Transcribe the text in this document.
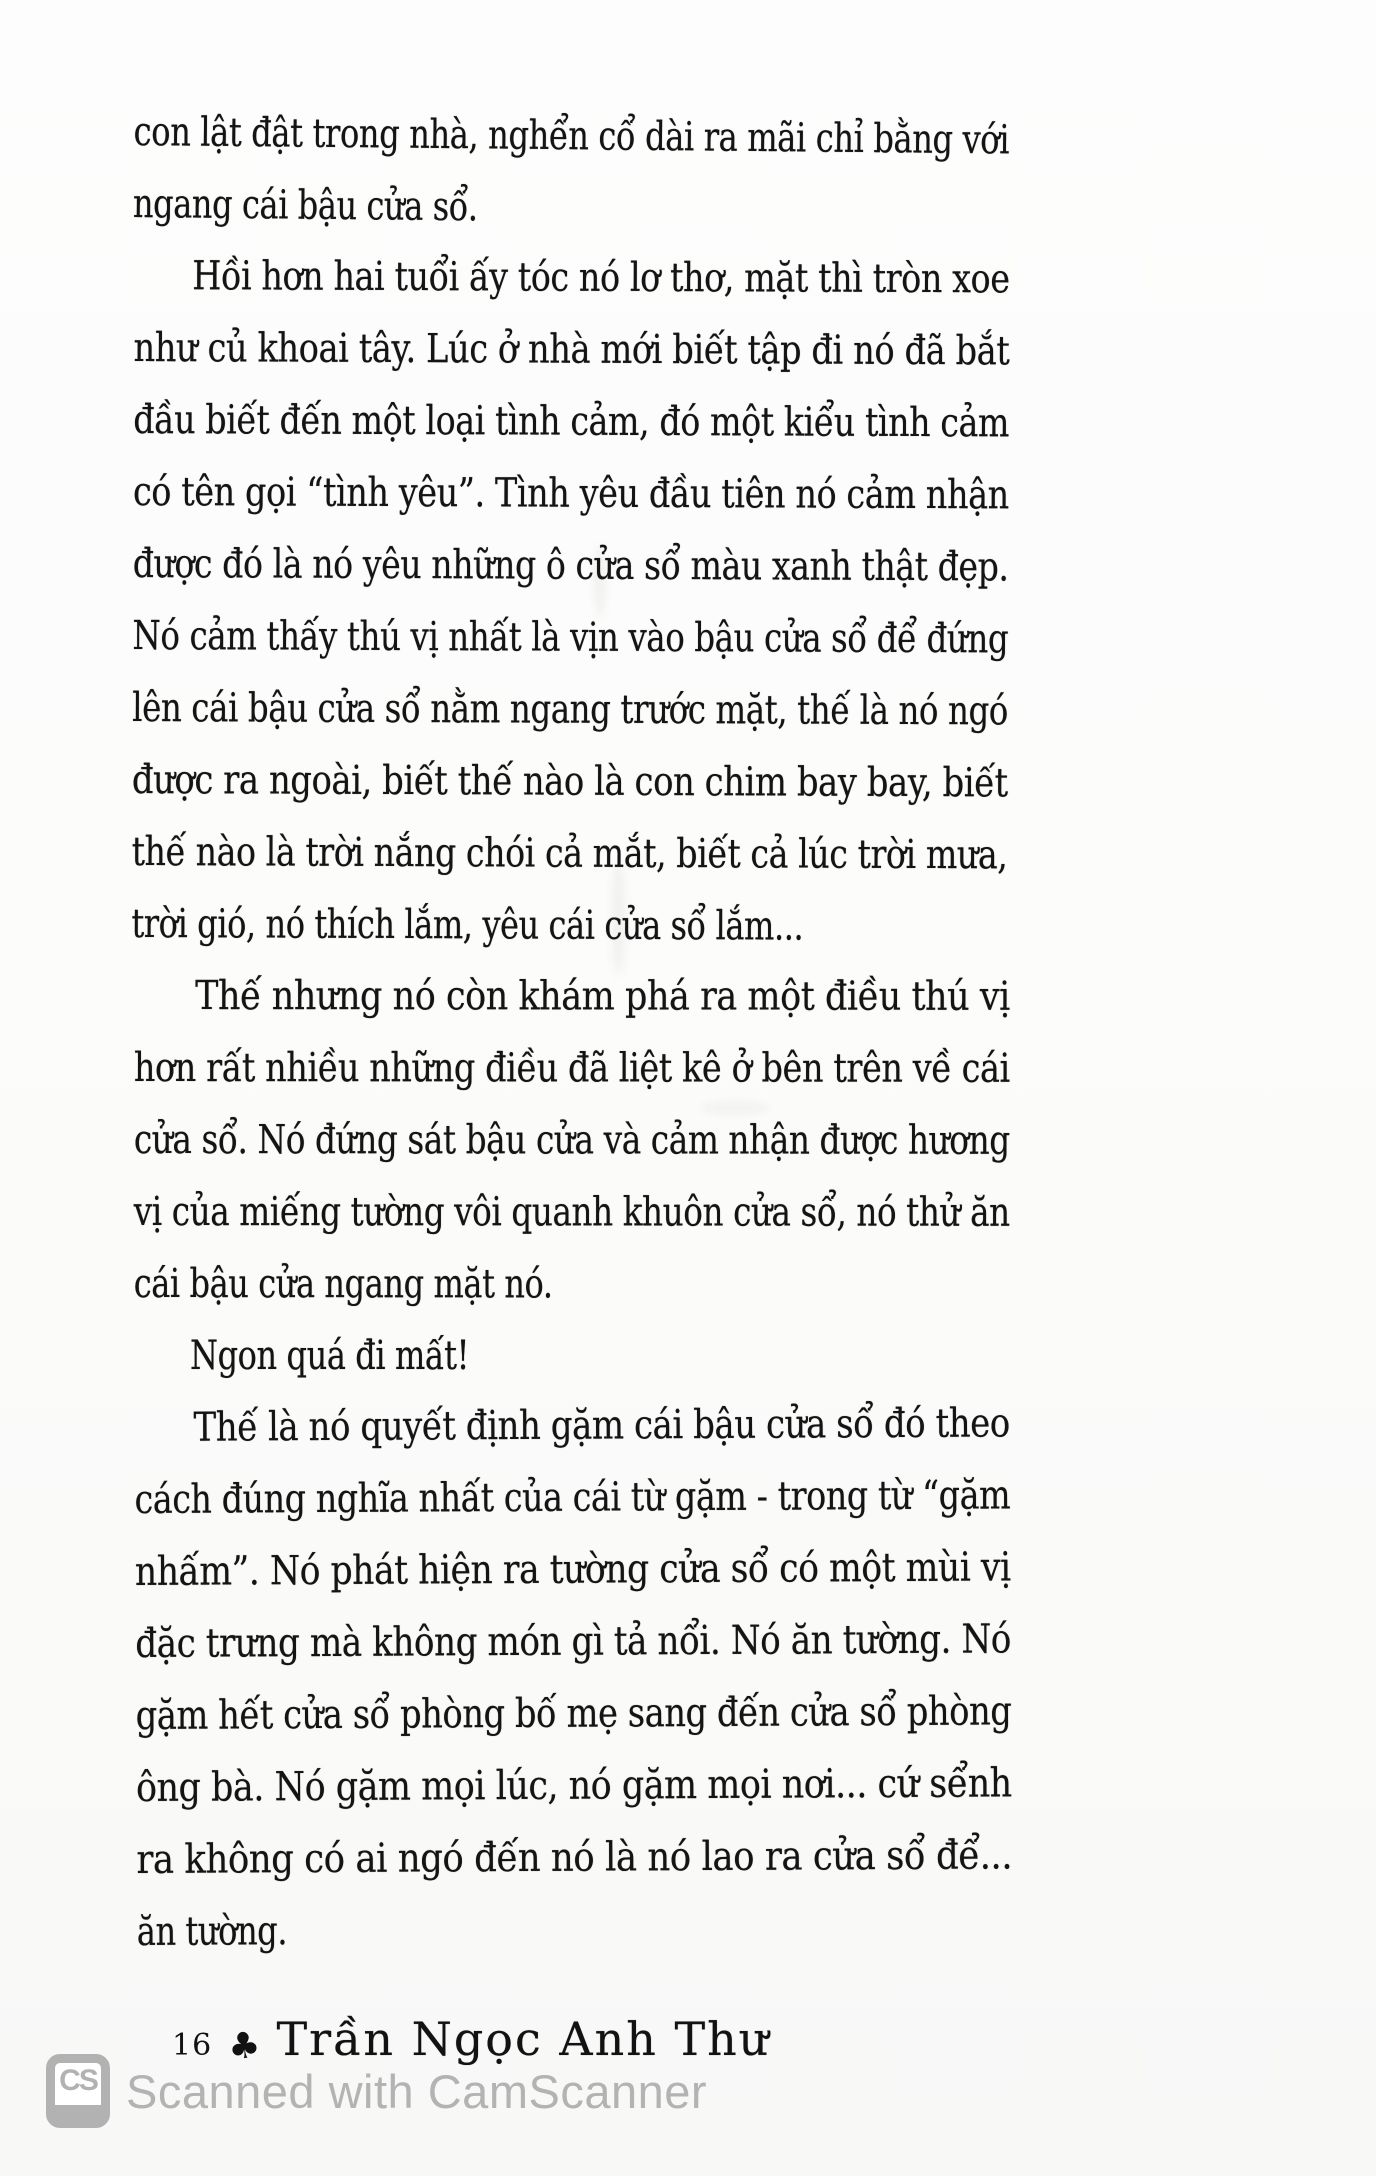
con lật đật trong nhà, nghển cổ dài ra mãi chỉ bằng với
ngang cái bậu cửa sổ.
Hồi hơn hai tuổi ấy tóc nó lơ thơ, mặt thì tròn xoe
như củ khoai tây. Lúc ở nhà mới biết tập đi nó đã bắt
đầu biết đến một loại tình cảm, đó một kiểu tình cảm
có tên gọi “tình yêu”. Tình yêu đầu tiên nó cảm nhận
được đó là nó yêu những ô cửa sổ màu xanh thật đẹp.
Nó cảm thấy thú vị nhất là vịn vào bậu cửa sổ để đứng
lên cái bậu cửa sổ nằm ngang trước mặt, thế là nó ngó
được ra ngoài, biết thế nào là con chim bay bay, biết
thế nào là trời nắng chói cả mắt, biết cả lúc trời mưa,
trời gió, nó thích lắm, yêu cái cửa sổ lắm...
Thế nhưng nó còn khám phá ra một điều thú vị
hơn rất nhiều những điều đã liệt kê ở bên trên về cái
cửa sổ. Nó đứng sát bậu cửa và cảm nhận được hương
vị của miếng tường vôi quanh khuôn cửa sổ, nó thử ăn
cái bậu cửa ngang mặt nó.
Ngon quá đi mất!
Thế là nó quyết định gặm cái bậu cửa sổ đó theo
cách đúng nghĩa nhất của cái từ gặm - trong từ “gặm
nhấm”. Nó phát hiện ra tường cửa sổ có một mùi vị
đặc trưng mà không món gì tả nổi. Nó ăn tường. Nó
gặm hết cửa sổ phòng bố mẹ sang đến cửa sổ phòng
ông bà. Nó gặm mọi lúc, nó gặm mọi nơi... cứ sểnh
ra không có ai ngó đến nó là nó lao ra cửa sổ để...
ăn tường.
16 ♣ Trần Ngọc Anh Thư
CS Scanned with CamScanner
